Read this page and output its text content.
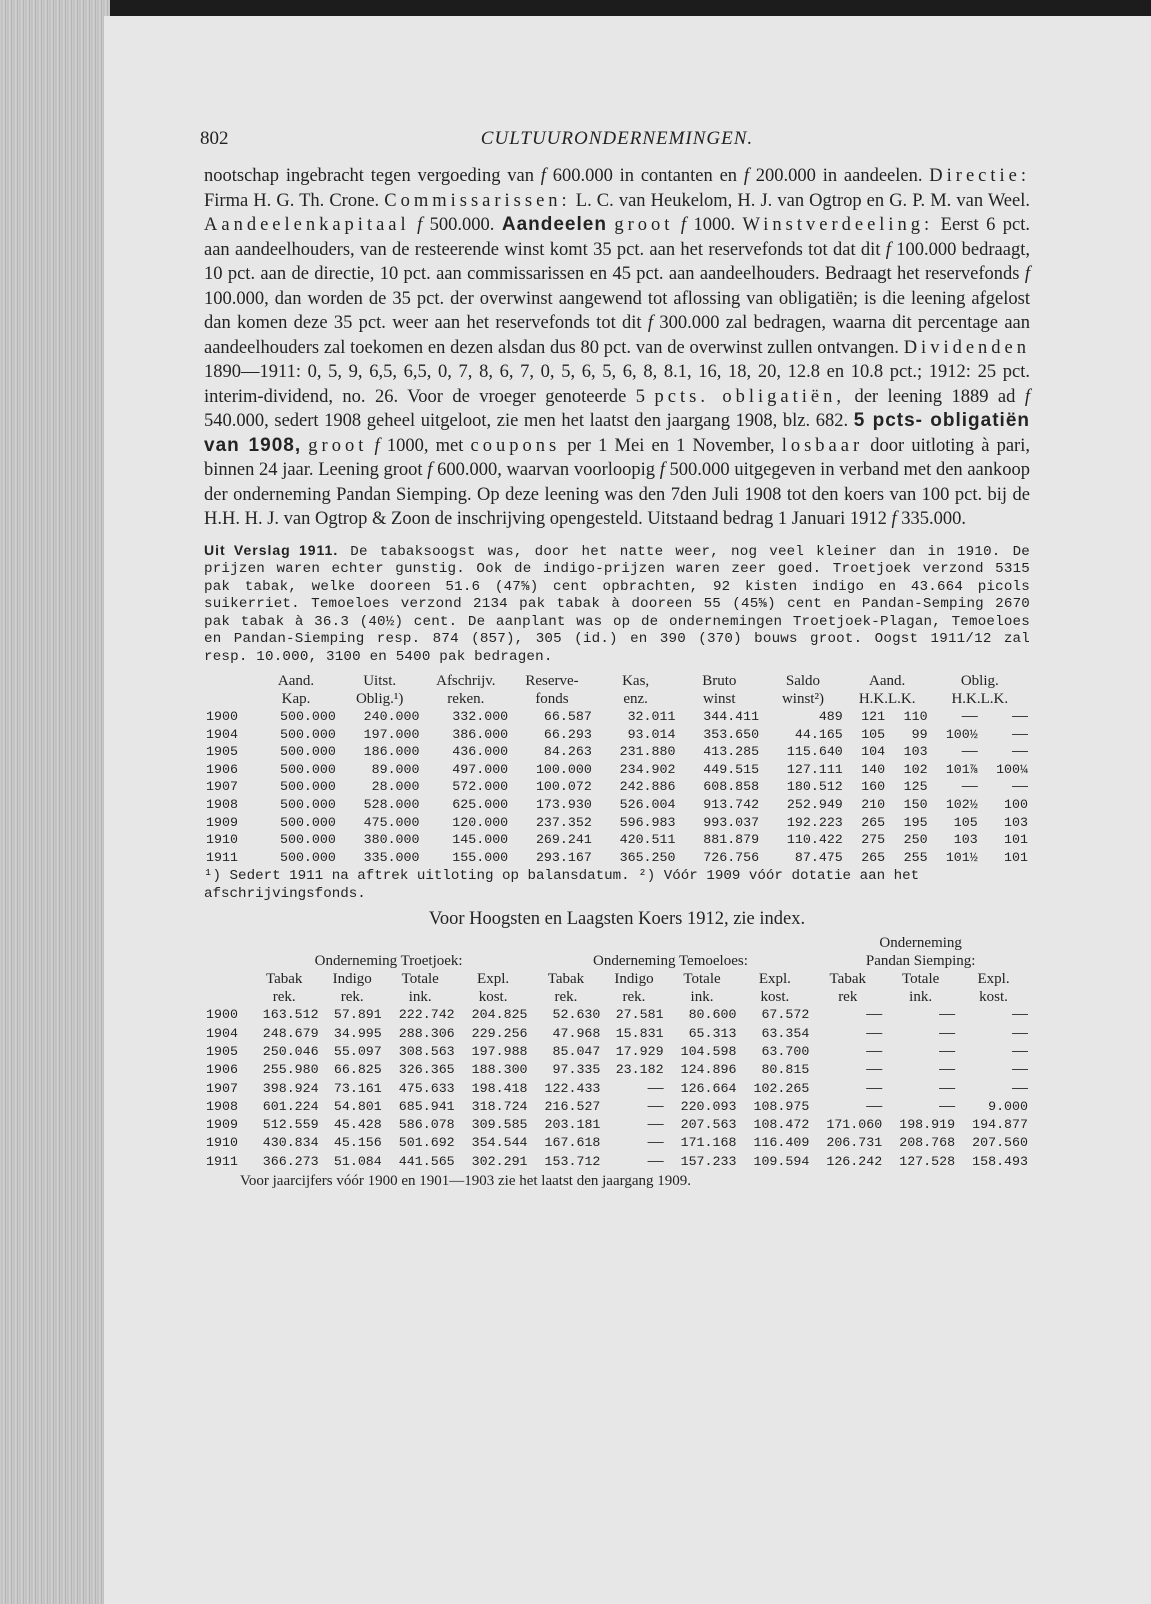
802	CULTUURONDERNEMINGEN.

nootschap ingebracht tegen vergoeding van f 600.000 in contanten en f 200.000 in aandeelen. Directie: Firma H. G. Th. Crone. Commissarissen: L. C. van Heukelom, H. J. van Ogtrop en G. P. M. van Weel. Aandeelenkapitaal f 500.000. Aandeelen groot f 1000. Winstverdeeling: Eerst 6 pct. aan aandeelhouders, van de resteerende winst komt 35 pct. aan het reservefonds tot dat dit f 100.000 bedraagt, 10 pct. aan de directie, 10 pct. aan commissarissen en 45 pct. aan aandeelhouders. Bedraagt het reservefonds f 100.000, dan worden de 35 pct. der overwinst aangewend tot aflossing van obligatiën; is die leening afgelost dan komen deze 35 pct. weer aan het reservefonds tot dit f 300.000 zal bedragen, waarna dit percentage aan aandeelhouders zal toekomen en dezen alsdan dus 80 pct. van de overwinst zullen ontvangen. Dividenden 1890—1911: 0, 5, 9, 6,5, 6,5, 0, 7, 8, 6, 7, 0, 5, 6, 5, 6, 8, 8.1, 16, 18, 20, 12.8 en 10.8 pct.; 1912: 25 pct. interim-dividend, no. 26. Voor de vroeger genoteerde 5 pcts. obligatiën, der leening 1889 ad f 540.000, sedert 1908 geheel uitgeloot, zie men het laatst den jaargang 1908, blz. 682. 5 pcts- obligatiën van 1908, groot f 1000, met coupons per 1 Mei en 1 November, losbaar door uitloting à pari, binnen 24 jaar. Leening groot f 600.000, waarvan voorloopig f 500.000 uitgegeven in verband met den aankoop der onderneming Pandan Siemping. Op deze leening was den 7den Juli 1908 tot den koers van 100 pct. bij de H.H. H. J. van Ogtrop & Zoon de inschrijving opengesteld. Uitstaand bedrag 1 Januari 1912 f 335.000.

Uit Verslag 1911. De tabaksoogst was, door het natte weer, nog veel kleiner dan in 1910. De prijzen waren echter gunstig. Ook de indigo-prijzen waren zeer goed. Troetjoek verzond 5315 pak tabak, welke dooreen 51.6 (47⅝) cent opbrachten, 92 kisten indigo en 43.664 picols suikerriet. Temoeloes verzond 2134 pak tabak à dooreen 55 (45⅝) cent en Pandan-Semping 2670 pak tabak à 36.3 (40½) cent. De aanplant was op de ondernemingen Troetjoek-Plagan, Temoeloes en Pandan-Siemping resp. 874 (857), 305 (id.) en 390 (370) bouws groot. Oogst 1911/12 zal resp. 10.000, 3100 en 5400 pak bedragen.

	Aand.	Uitst.	Afschrijv.	Reserve-	Kas,	Bruto	Saldo	Aand.		Oblig.	
	Kap.	Oblig.¹)	reken.	fonds	enz.	winst	winst²)	H.K.L.K.		H.K.L.K.	
1900	500.000	240.000	332.000	66.587	32.011	344.411	489	121	110	——	——
1904	500.000	197.000	386.000	66.293	93.014	353.650	44.165	105	99	100½	——
1905	500.000	186.000	436.000	84.263	231.880	413.285	115.640	104	103	——	——
1906	500.000	89.000	497.000	100.000	234.902	449.515	127.111	140	102	101⅞	100¼
1907	500.000	28.000	572.000	100.072	242.886	608.858	180.512	160	125	——	——
1908	500.000	528.000	625.000	173.930	526.004	913.742	252.949	210	150	102½	100
1909	500.000	475.000	120.000	237.352	596.983	993.037	192.223	265	195	105	103
1910	500.000	380.000	145.000	269.241	420.511	881.879	110.422	275	250	103	101
1911	500.000	335.000	155.000	293.167	365.250	726.756	87.475	265	255	101½	101

¹) Sedert 1911 na aftrek uitloting op balansdatum. ²) Vóór 1909 vóór dotatie aan het afschrijvingsfonds.

Voor Hoogsten en Laagsten Koers 1912, zie index.

									Onderneming		
	Onderneming Troetjoek:				Onderneming Temoeloes:				Pandan Siemping:		
	Tabak	Indigo	Totale	Expl.	Tabak	Indigo	Totale	Expl.	Tabak	Totale	Expl.
	rek.	rek.	ink.	kost.	rek.	rek.	ink.	kost.	rek	ink.	kost.
1900	163.512	57.891	222.742	204.825	52.630	27.581	80.600	67.572	——	——	——
1904	248.679	34.995	288.306	229.256	47.968	15.831	65.313	63.354	——	——	——
1905	250.046	55.097	308.563	197.988	85.047	17.929	104.598	63.700	——	——	——
1906	255.980	66.825	326.365	188.300	97.335	23.182	124.896	80.815	——	——	——
1907	398.924	73.161	475.633	198.418	122.433	——	126.664	102.265	——	——	——
1908	601.224	54.801	685.941	318.724	216.527	——	220.093	108.975	——	——	9.000
1909	512.559	45.428	586.078	309.585	203.181	——	207.563	108.472	171.060	198.919	194.877
1910	430.834	45.156	501.692	354.544	167.618	——	171.168	116.409	206.731	208.768	207.560
1911	366.273	51.084	441.565	302.291	153.712	——	157.233	109.594	126.242	127.528	158.493

Voor jaarcijfers vóór 1900 en 1901—1903 zie het laatst den jaargang 1909.
